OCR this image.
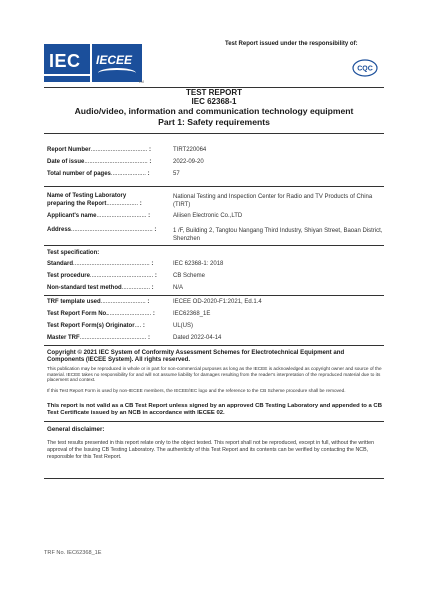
Test Report issued under the responsibility of:
IEC IECEE
TM
CQC
TEST REPORT
IEC 62368-1
Audio/video, information and communication technology equipment
Part 1: Safety requirements
Report Number.................................. :	TIRT220064
Date of issue...................................... :	2022-09-20
Total number of pages..................... :	57
Name of Testing Laboratory
preparing the Report................... :
National Testing and Inspection Center for Radio and TV Products of China (TIRT)
Applicant's name.............................. :	Aliisen Electronic Co.,LTD
Address................................................. :	1 /F, Building 2, Tangtou Nangang Third Industry, Shiyan Street, Baoan District, Shenzhen
Test specification:
Standard.............................................. :	IEC 62368-1: 2018
Test procedure...................................... :	CB Scheme
Non-standard test method................. :	N/A
TRF template used........................... :	IECEE OD-2020-F1:2021, Ed.1.4
Test Report Form No........................... :	IEC62368_1E
Test Report Form(s) Originator.... :	UL(US)
Master TRF........................................ :	Dated 2022-04-14
Copyright © 2021 IEC System of Conformity Assessment Schemes for Electrotechnical Equipment and Components (IECEE System). All rights reserved.
This publication may be reproduced in whole or in part for non-commercial purposes as long as the IECEE is acknowledged as copyright owner and source of the material. IECEE takes no responsibility for and will not assume liability for damages resulting from the reader's interpretation of the reproduced material due to its placement and context.
If this Test Report Form is used by non-IECEE members, the IECEE/IEC logo and the reference to the CB Scheme procedure shall be removed.
This report is not valid as a CB Test Report unless signed by an approved CB Testing Laboratory and appended to a CB Test Certificate issued by an NCB in accordance with IECEE 02.
General disclaimer:
The test results presented in this report relate only to the object tested. This report shall not be reproduced, except in full, without the written approval of the Issuing CB Testing Laboratory. The authenticity of this Test Report and its contents can be verified by contacting the NCB, responsible for this Test Report.
TRF No. IEC62368_1E
